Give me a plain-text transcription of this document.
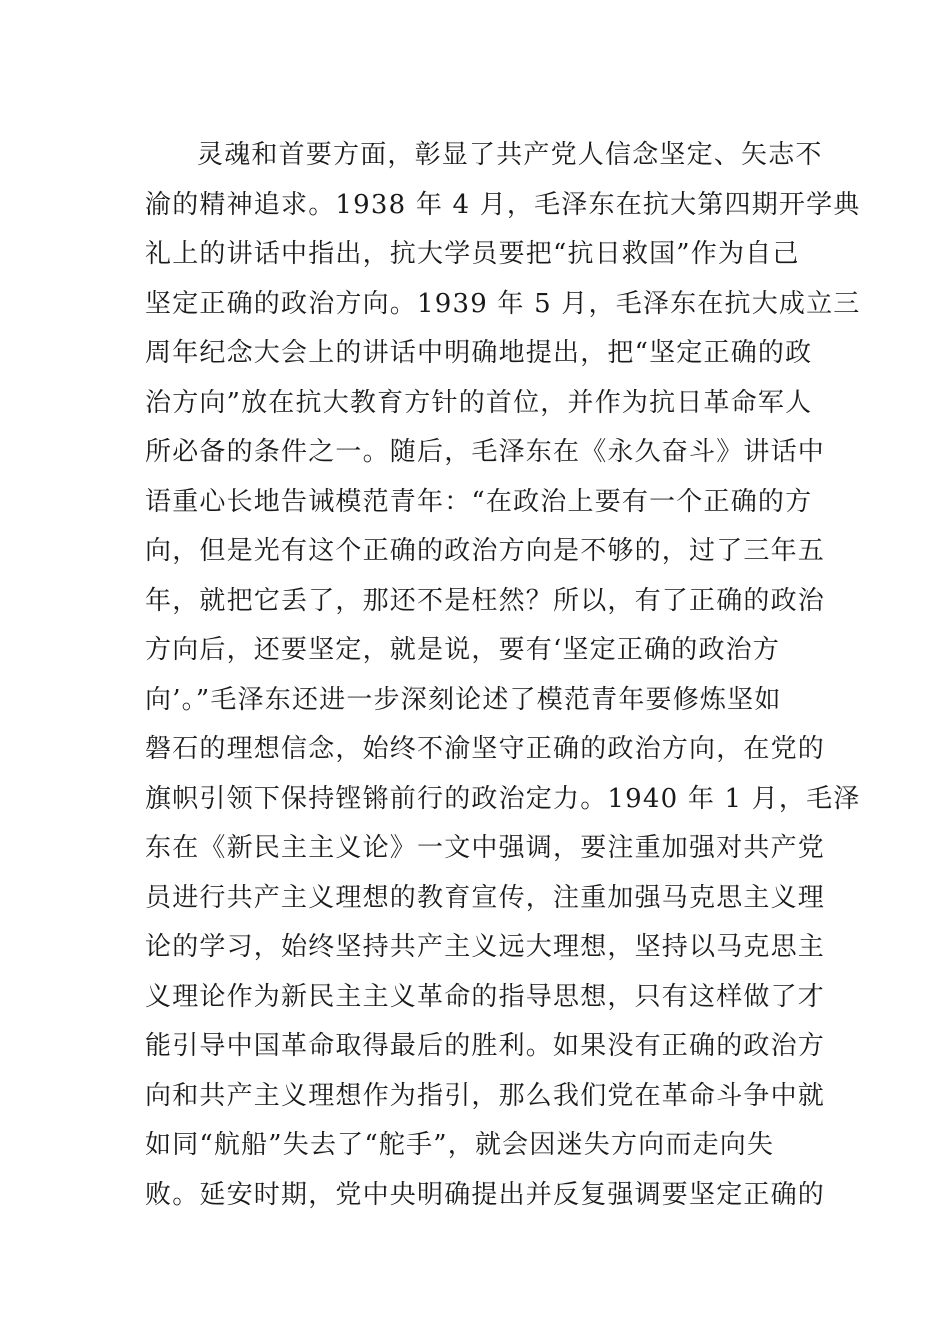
灵魂和首要方面，彰显了共产党人信念坚定、矢志不
渝的精神追求。1938 年 4 月，毛泽东在抗大第四期开学典
礼上的讲话中指出，抗大学员要把“抗日救国”作为自己
坚定正确的政治方向。1939 年 5 月，毛泽东在抗大成立三
周年纪念大会上的讲话中明确地提出，把“坚定正确的政
治方向”放在抗大教育方针的首位，并作为抗日革命军人
所必备的条件之一。随后，毛泽东在《永久奋斗》讲话中
语重心长地告诫模范青年：“在政治上要有一个正确的方
向，但是光有这个正确的政治方向是不够的，过了三年五
年，就把它丢了，那还不是枉然？所以，有了正确的政治
方向后，还要坚定，就是说，要有‘坚定正确的政治方
向’。”毛泽东还进一步深刻论述了模范青年要修炼坚如
磐石的理想信念，始终不渝坚守正确的政治方向，在党的
旗帜引领下保持铿锵前行的政治定力。1940 年 1 月，毛泽
东在《新民主主义论》一文中强调，要注重加强对共产党
员进行共产主义理想的教育宣传，注重加强马克思主义理
论的学习，始终坚持共产主义远大理想，坚持以马克思主
义理论作为新民主主义革命的指导思想，只有这样做了才
能引导中国革命取得最后的胜利。如果没有正确的政治方
向和共产主义理想作为指引，那么我们党在革命斗争中就
如同“航船”失去了“舵手”，就会因迷失方向而走向失
败。延安时期，党中央明确提出并反复强调要坚定正确的
